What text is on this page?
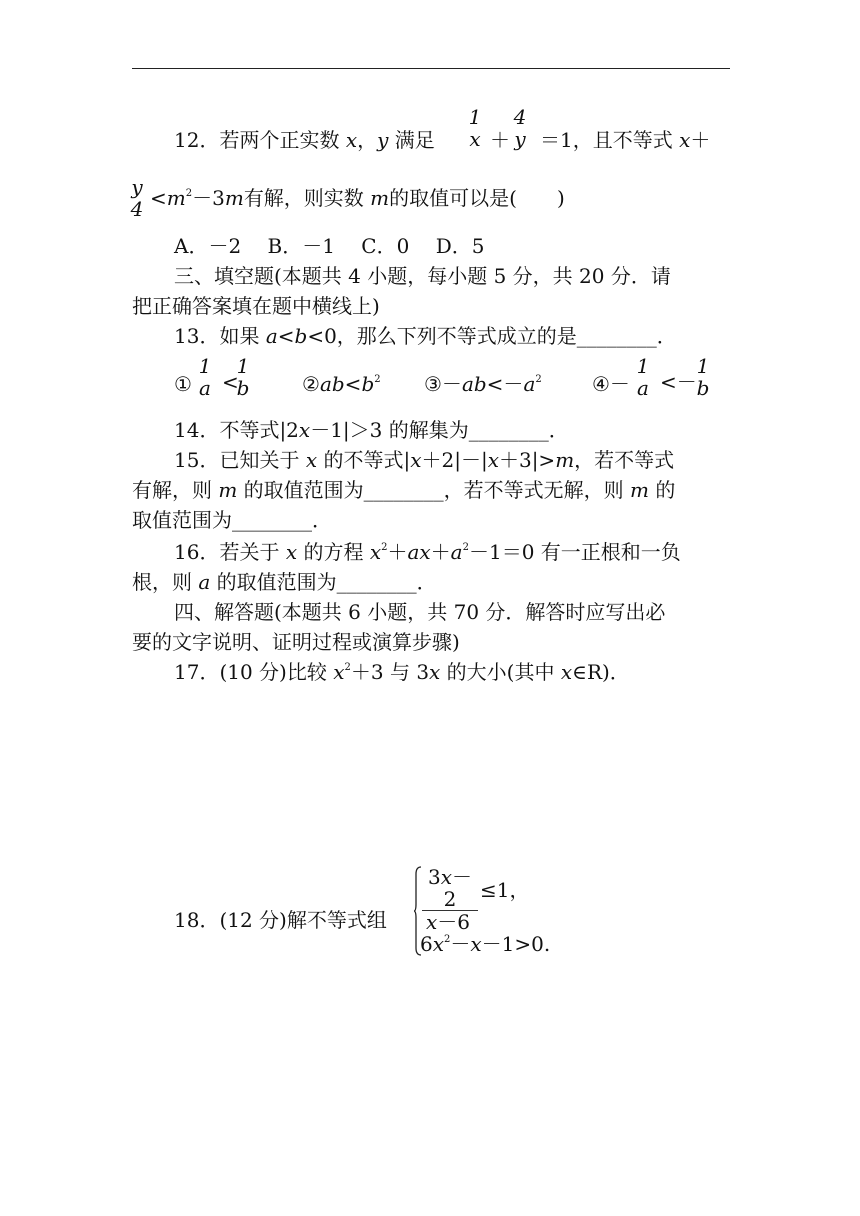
12．若两个正实数 x，y 满足
1
x ＋
4
y ＝1，且不等式 x＋
y
$4 <m^2-3m$有解，则实数 m的取值可以是(　　)
A．－2　 B．－1　 C．0　 D．5
三、填空题(本题共 4 小题，每小题 5 分，共 20 分．请
把正确答案填在题中横线上)
13．如果 a<b<0，那么下列不等式成立的是________．
①
1
a <
1
b	$②ab<b^2$ $③-ab<-a^2$	④－
1
a <－
1
b
14．不等式|2x－1|＞3 的解集为________．
15．已知关于 x 的不等式|x＋2|－|x＋3|>m，若不等式
有解，则 m 的取值范围为________，若不等式无解，则 m 的
取值范围为________．
16．若关于 x 的方程 $x^2+ax+a^2-1=0$ 有一正根和一负
根，则 a 的取值范围为________．
四、解答题(本题共 6 小题，共 70 分．解答时应写出必
要的文字说明、证明过程或演算步骤)
17．(10 分)比较 $x^2+3$ 与 3x 的大小(其中 x∈R)．
18．(12 分)解不等式组 $\frac{3x-2}{x-6} \le 1$，
$6x^2-x-1>0$.
